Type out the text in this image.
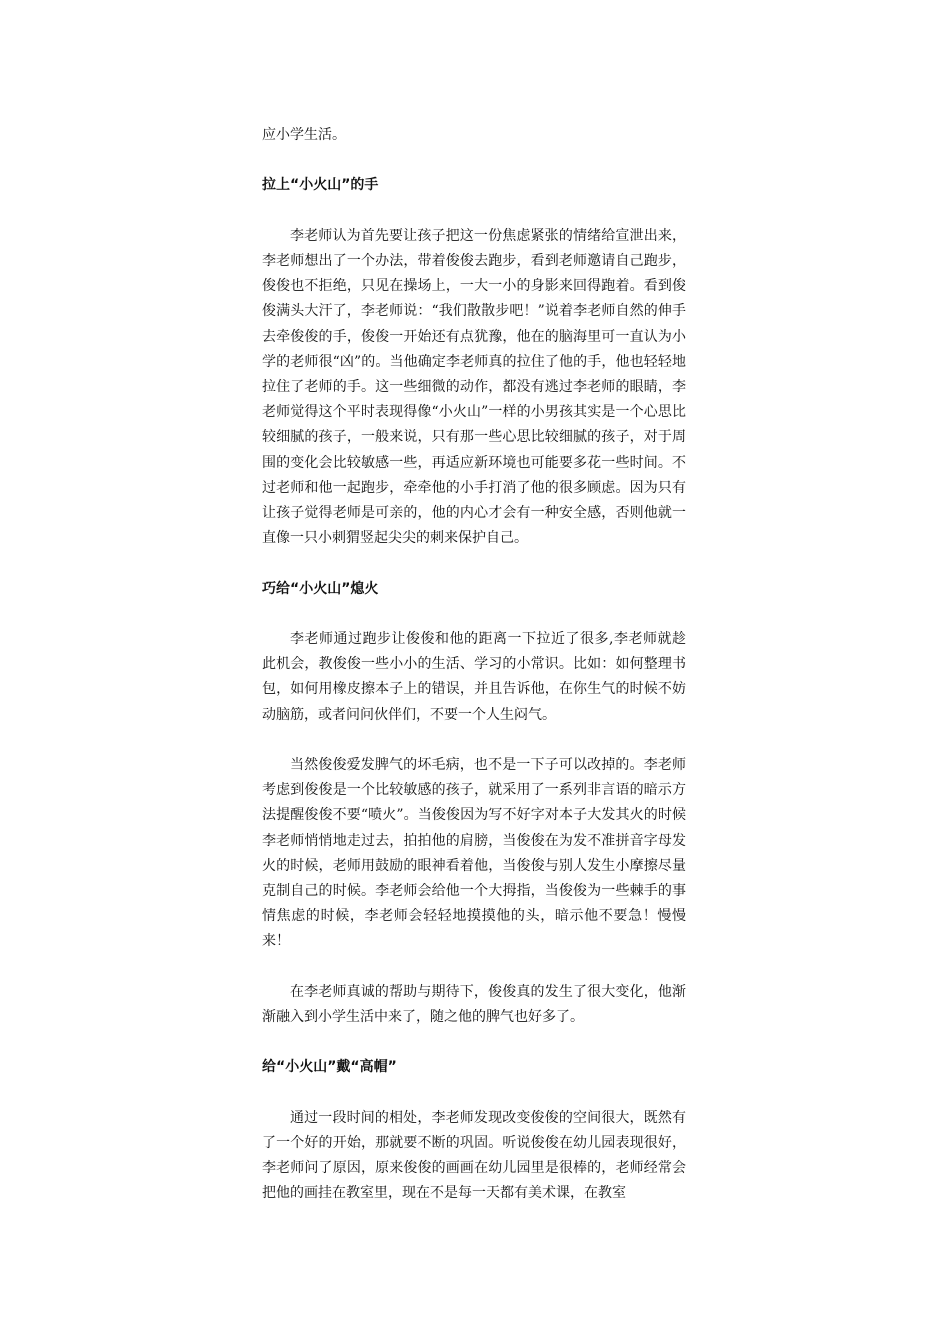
应小学生活。

拉上“小火山”的手

李老师认为首先要让孩子把这一份焦虑紧张的情绪给宣泄出来，李老师想出了一个办法，带着俊俊去跑步，看到老师邀请自己跑步，俊俊也不拒绝，只见在操场上，一大一小的身影来回得跑着。看到俊俊满头大汗了，李老师说：“我们散散步吧！”说着李老师自然的伸手去牵俊俊的手，俊俊一开始还有点犹豫，他在的脑海里可一直认为小学的老师很“凶”的。当他确定李老师真的拉住了他的手，他也轻轻地拉住了老师的手。这一些细微的动作，都没有逃过李老师的眼睛，李老师觉得这个平时表现得像“小火山”一样的小男孩其实是一个心思比较细腻的孩子，一般来说，只有那一些心思比较细腻的孩子，对于周围的变化会比较敏感一些，再适应新环境也可能要多花一些时间。不过老师和他一起跑步，牵牵他的小手打消了他的很多顾虑。因为只有让孩子觉得老师是可亲的，他的内心才会有一种安全感，否则他就一直像一只小刺猬竖起尖尖的刺来保护自己。

巧给“小火山”熄火

李老师通过跑步让俊俊和他的距离一下拉近了很多,李老师就趁此机会，教俊俊一些小小的生活、学习的小常识。比如：如何整理书包，如何用橡皮擦本子上的错误，并且告诉他，在你生气的时候不妨动脑筋，或者问问伙伴们，不要一个人生闷气。

当然俊俊爱发脾气的坏毛病，也不是一下子可以改掉的。李老师考虑到俊俊是一个比较敏感的孩子，就采用了一系列非言语的暗示方法提醒俊俊不要“喷火”。当俊俊因为写不好字对本子大发其火的时候李老师悄悄地走过去，拍拍他的肩膀，当俊俊在为发不准拼音字母发火的时候，老师用鼓励的眼神看着他，当俊俊与别人发生小摩擦尽量克制自己的时候。李老师会给他一个大拇指，当俊俊为一些棘手的事情焦虑的时候，李老师会轻轻地摸摸他的头，暗示他不要急！慢慢来！

在李老师真诚的帮助与期待下，俊俊真的发生了很大变化，他渐渐融入到小学生活中来了，随之他的脾气也好多了。

给“小火山”戴“高帽”

通过一段时间的相处，李老师发现改变俊俊的空间很大，既然有了一个好的开始，那就要不断的巩固。听说俊俊在幼儿园表现很好，李老师问了原因，原来俊俊的画画在幼儿园里是很棒的，老师经常会把他的画挂在教室里，现在不是每一天都有美术课，在教室
